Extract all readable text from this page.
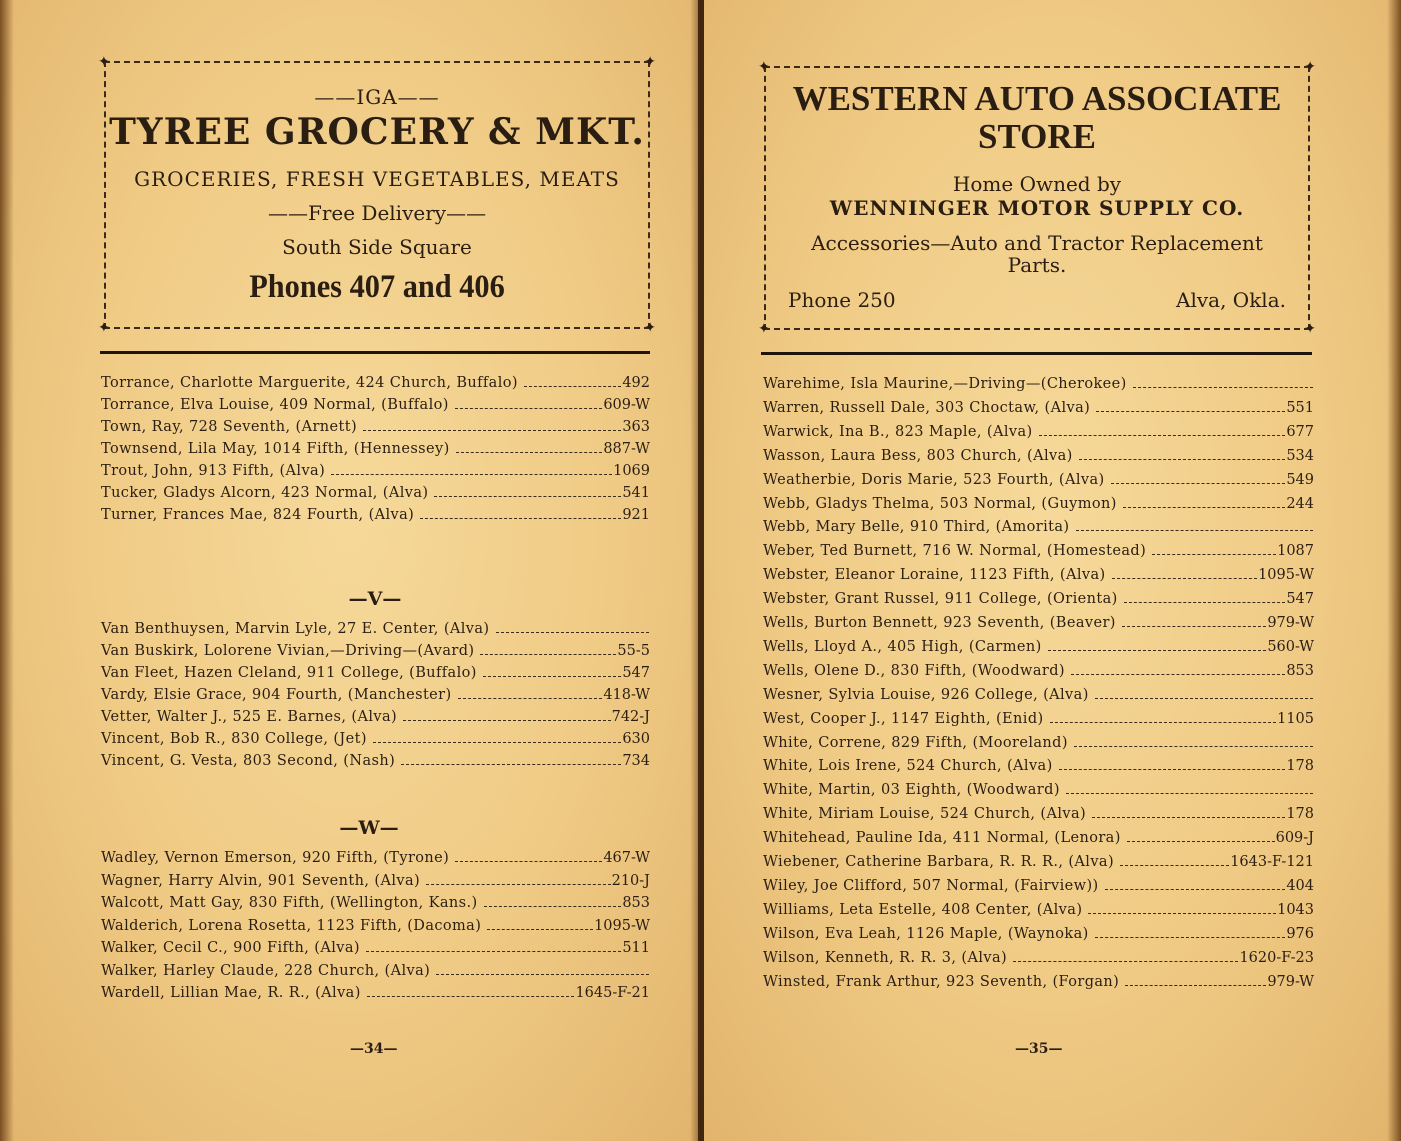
✦ ✦
✦
——IGA——
TYREE GROCERY & MKT.
GROCERIES, FRESH VEGETABLES, MEATS
——Free Delivery——
South Side Square
Phones 407 and 406
✦
Torrance, Charlotte Marguerite, 424 Church, Buffalo)	492
Torrance, Elva Louise, 409 Normal, (Buffalo)	609-W
Town, Ray, 728 Seventh, (Arnett)	363
Townsend, Lila May, 1014 Fifth, (Hennessey)	887-W
Trout, John, 913 Fifth, (Alva)	1069
Tucker, Gladys Alcorn, 423 Normal, (Alva)	541
Turner, Frances Mae, 824 Fourth, (Alva)	921
—V—
Van Benthuysen, Marvin Lyle, 27 E. Center, (Alva)
Van Buskirk, Lolorene Vivian,—Driving—(Avard)	55-5
Van Fleet, Hazen Cleland, 911 College, (Buffalo)	547
Vardy, Elsie Grace, 904 Fourth, (Manchester)	418-W
Vetter, Walter J., 525 E. Barnes, (Alva)	742-J
Vincent, Bob R., 830 College, (Jet)	630
Vincent, G. Vesta, 803 Second, (Nash)	734
—W—
Wadley, Vernon Emerson, 920 Fifth, (Tyrone)	467-W
Wagner, Harry Alvin, 901 Seventh, (Alva)	210-J
Walcott, Matt Gay, 830 Fifth, (Wellington, Kans.)	853
Walderich, Lorena Rosetta, 1123 Fifth, (Dacoma)	1095-W
Walker, Cecil C., 900 Fifth, (Alva)	511
Walker, Harley Claude, 228 Church, (Alva)
Wardell, Lillian Mae, R. R., (Alva)	1645-F-21
—34—
✦ ✦
✦
WESTERN AUTO ASSOCIATE STORE
Home Owned by
WENNINGER MOTOR SUPPLY CO.
Accessories—Auto and Tractor Replacement Parts.
Phone 250	Alva, Okla.
✦
Warehime, Isla Maurine,—Driving—(Cherokee)
Warren, Russell Dale, 303 Choctaw, (Alva)	551
Warwick, Ina B., 823 Maple, (Alva)	677
Wasson, Laura Bess, 803 Church, (Alva)	534
Weatherbie, Doris Marie, 523 Fourth, (Alva)	549
Webb, Gladys Thelma, 503 Normal, (Guymon)	244
Webb, Mary Belle, 910 Third, (Amorita)
Weber, Ted Burnett, 716 W. Normal, (Homestead)	1087
Webster, Eleanor Loraine, 1123 Fifth, (Alva)	1095-W
Webster, Grant Russel, 911 College, (Orienta)	547
Wells, Burton Bennett, 923 Seventh, (Beaver)	979-W
Wells, Lloyd A., 405 High, (Carmen)	560-W
Wells, Olene D., 830 Fifth, (Woodward)	853
Wesner, Sylvia Louise, 926 College, (Alva)
West, Cooper J., 1147 Eighth, (Enid)	1105
White, Correne, 829 Fifth, (Mooreland)
White, Lois Irene, 524 Church, (Alva)	178
White, Martin, 03 Eighth, (Woodward)
White, Miriam Louise, 524 Church, (Alva)	178
Whitehead, Pauline Ida, 411 Normal, (Lenora)	609-J
Wiebener, Catherine Barbara, R. R. R., (Alva)	1643-F-121
Wiley, Joe Clifford, 507 Normal, (Fairview))	404
Williams, Leta Estelle, 408 Center, (Alva)	1043
Wilson, Eva Leah, 1126 Maple, (Waynoka)	976
Wilson, Kenneth, R. R. 3, (Alva)	1620-F-23
Winsted, Frank Arthur, 923 Seventh, (Forgan)	979-W
—35—
